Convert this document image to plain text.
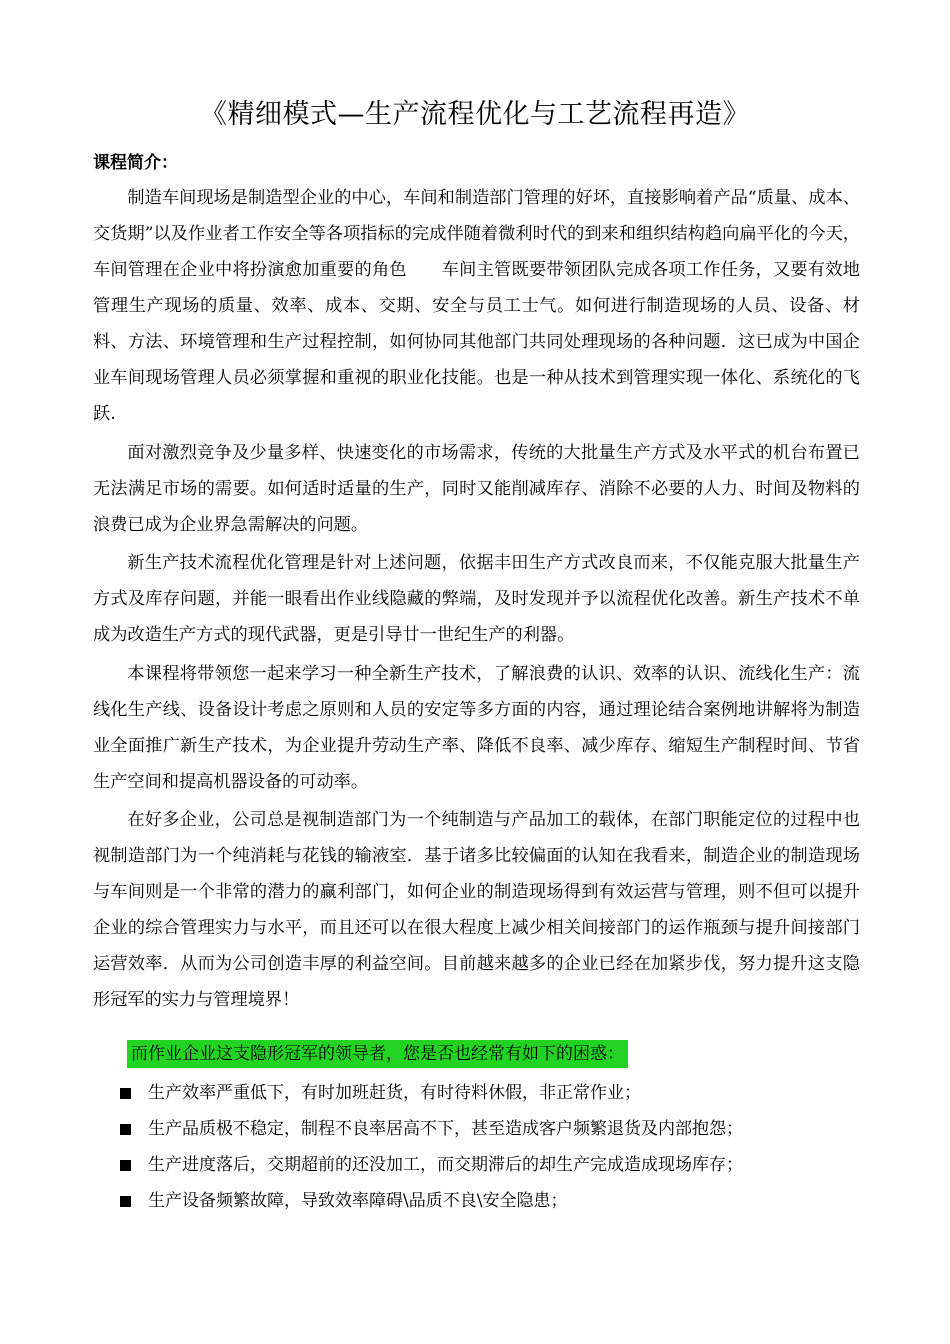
《精细模式—生产流程优化与工艺流程再造》
课程简介：

制造车间现场是制造型企业的中心，车间和制造部门管理的好坏，直接影响着产品“质量、成本、交货期”以及作业者工作安全等各项指标的完成伴随着微利时代的到来和组织结构趋向扁平化的今天，车间管理在企业中将扮演愈加重要的角色　　车间主管既要带领团队完成各项工作任务，又要有效地管理生产现场的质量、效率、成本、交期、安全与员工士气。如何进行制造现场的人员、设备、材料、方法、环境管理和生产过程控制，如何协同其他部门共同处理现场的各种问题．这已成为中国企业车间现场管理人员必须掌握和重视的职业化技能。也是一种从技术到管理实现一体化、系统化的飞跃.

面对激烈竞争及少量多样、快速变化的市场需求，传统的大批量生产方式及水平式的机台布置已无法满足市场的需要。如何适时适量的生产，同时又能削减库存、消除不必要的人力、时间及物料的浪费已成为企业界急需解决的问题。

新生产技术流程优化管理是针对上述问题，依据丰田生产方式改良而来，不仅能克服大批量生产方式及库存问题，并能一眼看出作业线隐藏的弊端，及时发现并予以流程优化改善。新生产技术不单成为改造生产方式的现代武器，更是引导廿一世纪生产的利器。

本课程将带领您一起来学习一种全新生产技术，了解浪费的认识、效率的认识、流线化生产：流线化生产线、设备设计考虑之原则和人员的安定等多方面的内容，通过理论结合案例地讲解将为制造业全面推广新生产技术，为企业提升劳动生产率、降低不良率、减少库存、缩短生产制程时间、节省生产空间和提高机器设备的可动率。

在好多企业，公司总是视制造部门为一个纯制造与产品加工的载体，在部门职能定位的过程中也视制造部门为一个纯消耗与花钱的输液室．基于诸多比较偏面的认知在我看来，制造企业的制造现场与车间则是一个非常的潜力的赢利部门，如何企业的制造现场得到有效运营与管理，则不但可以提升企业的综合管理实力与水平，而且还可以在很大程度上减少相关间接部门的运作瓶颈与提升间接部门运营效率．从而为公司创造丰厚的利益空间。目前越来越多的企业已经在加紧步伐，努力提升这支隐形冠军的实力与管理境界！

而作业企业这支隐形冠军的领导者，您是否也经常有如下的困惑：
生产效率严重低下，有时加班赶货，有时待料休假，非正常作业；
生产品质极不稳定，制程不良率居高不下，甚至造成客户频繁退货及内部抱怨；
生产进度落后，交期超前的还没加工，而交期滞后的却生产完成造成现场库存；
生产设备频繁故障，导致效率障碍\品质不良\安全隐患；
